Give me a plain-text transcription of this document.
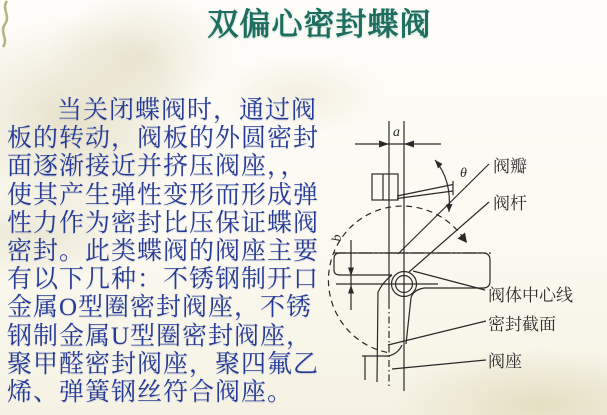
双偏心密封蝶阀
当关闭蝶阀时，通过阀
板的转动，阀板的外圆密封
面逐渐接近并挤压阀座，，
使其产生弹性变形而形成弹
性力作为密封比压保证蝶阀
密封。此类蝶阀的阀座主要
有以下几种：不锈钢制开口
金属O型圈密封阀座，不锈
钢制金属U型圈密封阀座，
聚甲醛密封阀座，聚四氟乙
烯、弹簧钢丝符合阀座。
a
b
θ 阀瓣
阀杆
阀体中心线
密封截面
阀座
